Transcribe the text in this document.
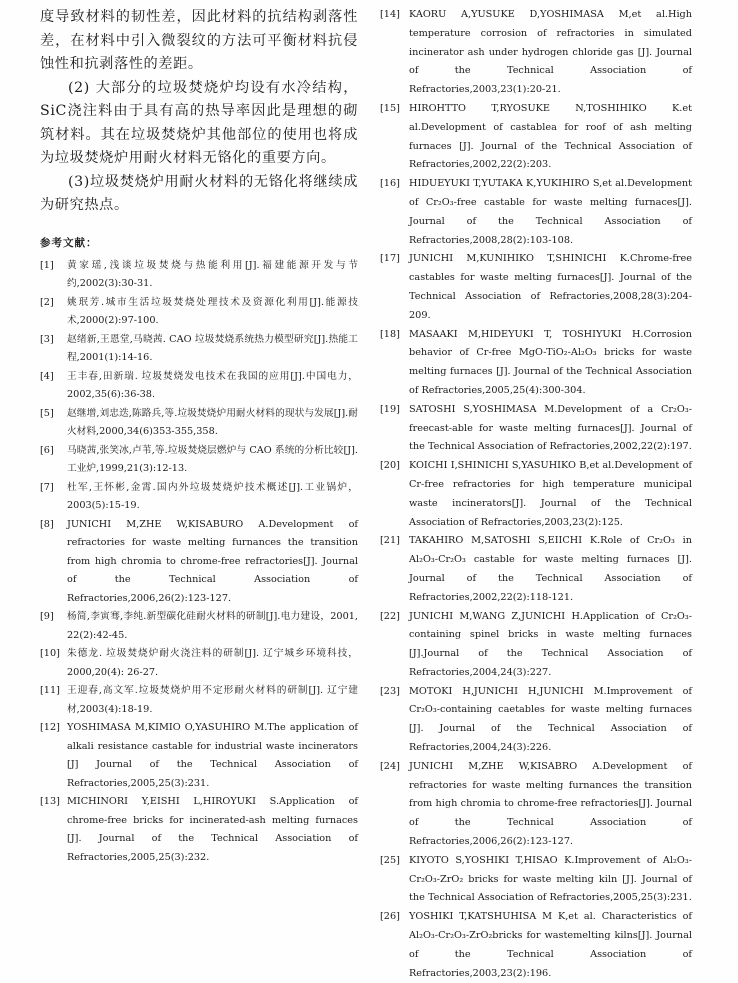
度导致材料的韧性差，因此材料的抗结构剥落性差，在材料中引入微裂纹的方法可平衡材料抗侵蚀性和抗剥落性的差距。

(2) 大部分的垃圾焚烧炉均设有水冷结构，SiC浇注料由于具有高的热导率因此是理想的砌筑材料。其在垃圾焚烧炉其他部位的使用也将成为垃圾焚烧炉用耐火材料无铬化的重要方向。

(3)垃圾焚烧炉用耐火材料的无铬化将继续成为研究热点。

参考文献：
[1] 黄家瑶,浅谈垃圾焚烧与热能利用[J].福建能源开发与节约,2002(3):30-31.
[2] 姚珉芳.城市生活垃圾焚烧处理技术及资源化利用[J].能源技术,2000(2):97-100.
[3] 赵绪新,王恩堂,马晓茜. CAO 垃圾焚烧系统热力模型研究[J].热能工程,2001(1):14-16.
[4] 王丰春,田新瑞. 垃圾焚烧发电技术在我国的应用[J].中国电力，2002,35(6):36-38.
[5] 赵继增,刘忠迭,陈路兵,等.垃圾焚烧炉用耐火材料的现状与发展[J].耐火材料,2000,34(6)353-355,358.
[6] 马晓茜,张笑冰,卢苇,等.垃圾焚烧层燃炉与 CAO 系统的分析比较[J].工业炉,1999,21(3):12-13.
[7] 杜军,王怀彬,金霄.国内外垃圾焚烧炉技术概述[J].工业锅炉，2003(5):15-19.
[8] JUNICHI M,ZHE W,KISABURO A.Development of refractories for waste melting furnances the transition from high chromia to chrome-free refractories[J]. Journal of the Technical Association of Refractories,2006,26(2):123-127.
[9] 杨简,李寅骞,李纯.新型碳化硅耐火材料的研制[J].电力建设，2001, 22(2):42-45.
[10] 朱德龙. 垃圾焚烧炉耐火浇注料的研制[J]. 辽宁城乡环境科技，2000,20(4): 26-27.
[11] 王迎春,高文军.垃圾焚烧炉用不定形耐火材料的研制[J]. 辽宁建材,2003(4):18-19.
[12] YOSHIMASA M,KIMIO O,YASUHIRO M.The application of alkali resistance castable for industrial waste incinerators [J] Journal of the Technical Association of Refractories,2005,25(3):231.
[13] MICHINORI Y,EISHI L,HIROYUKI S.Application of chrome-free bricks for incinerated-ash melting furnaces [J]. Journal of the Technical Association of Refractories,2005,25(3):232.
[14] KAORU A,YUSUKE D,YOSHIMASA M,et al.High temperature corrosion of refractories in simulated incinerator ash under hydrogen chloride gas [J]. Journal of the Technical Association of Refractories,2003,23(1):20-21.
[15] HIROHTTO T,RYOSUKE N,TOSHIHIKO K.et al.Development of castablea for roof of ash melting furnaces [J]. Journal of the Technical Association of Refractories,2002,22(2):203.
[16] HIDUEYUKI T,YUTAKA K,YUKIHIRO S,et al.Development of Cr₂O₃-free castable for waste melting furnaces[J]. Journal of the Technical Association of Refractories,2008,28(2):103-108.
[17] JUNICHI M,KUNIHIKO T,SHINICHI K.Chrome-free castables for waste melting furnaces[J]. Journal of the Technical Association of Refractories,2008,28(3):204-209.
[18] MASAAKI M,HIDEYUKI T, TOSHIYUKI H.Corrosion behavior of Cr-free MgO-TiO₂-Al₂O₃ bricks for waste melting furnaces [J]. Journal of the Technical Association of Refractories,2005,25(4):300-304.
[19] SATOSHI S,YOSHIMASA M.Development of a Cr₂O₃-freecast-able for waste melting furnaces[J]. Journal of the Technical Association of Refractories,2002,22(2):197.
[20] KOICHI I,SHINICHI S,YASUHIKO B,et al.Development of Cr-free refractories for high temperature municipal waste incinerators[J]. Journal of the Technical Association of Refractories,2003,23(2):125.
[21] TAKAHIRO M,SATOSHI S,EIICHI K.Role of Cr₂O₃ in Al₂O₃-Cr₂O₃ castable for waste melting furnaces [J]. Journal of the Technical Association of Refractories,2002,22(2):118-121.
[22] JUNICHI M,WANG Z,JUNICHI H.Application of Cr₂O₃-containing spinel bricks in waste melting furnaces [J].Journal of the Technical Association of Refractories,2004,24(3):227.
[23] MOTOKI H,JUNICHI H,JUNICHI M.Improvement of Cr₂O₃-containing caetables for waste melting furnaces [J]. Journal of the Technical Association of Refractories,2004,24(3):226.
[24] JUNICHI M,ZHE W,KISABRO A.Development of refractories for waste melting furnances the transition from high chromia to chrome-free refractories[J]. Journal of the Technical Association of Refractories,2006,26(2):123-127.
[25] KIYOTO S,YOSHIKI T,HISAO K.Improvement of Al₂O₃-Cr₂O₃-ZrO₂ bricks for waste melting kiln [J]. Journal of the Technical Association of Refractories,2005,25(3):231.
[26] YOSHIKI T,KATSHUHISA M K,et al. Characteristics of Al₂O₃-Cr₂O₃-ZrO₂bricks for wastemelting kilns[J]. Journal of the Technical Association of Refractories,2003,23(2):196.
